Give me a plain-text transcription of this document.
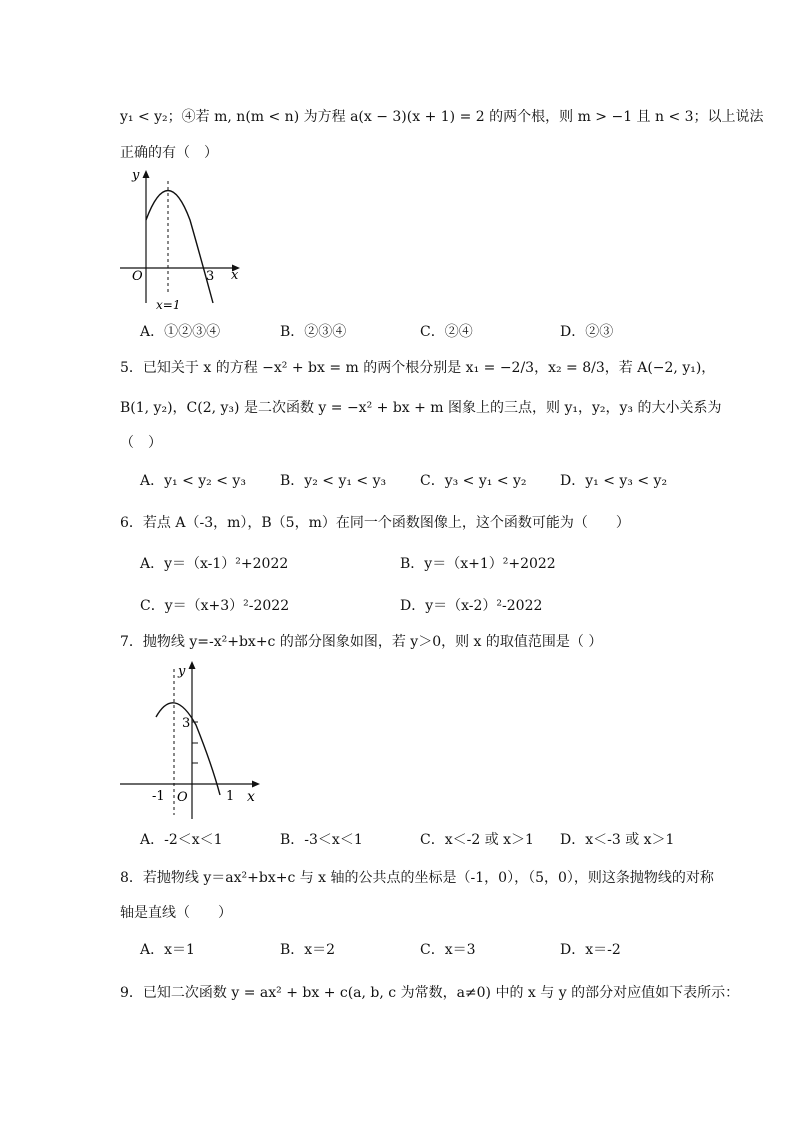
y₁ < y₂；④若 m, n(m < n) 为方程 a(x − 3)(x + 1) = 2 的两个根，则 m > −1 且 n < 3；以上说法
正确的有（　）
y
x
O	3
x=1
A．①②③④	B．②③④	C．②④	D．②③
5．已知关于 x 的方程 −x² + bx = m 的两个根分别是 x₁ = −2/3，x₂ = 8/3，若 A(−2, y₁)，
B(1, y₂)，C(2, y₃) 是二次函数 y = −x² + bx + m 图象上的三点，则 y₁，y₂，y₃ 的大小关系为
（　）
A．y₁ < y₂ < y₃	B．y₂ < y₁ < y₃	C．y₃ < y₁ < y₂	D．y₁ < y₃ < y₂
6．若点 A（-3，m），B（5，m）在同一个函数图像上，这个函数可能为（　　）
A．y＝（x-1）²+2022	B．y＝（x+1）²+2022
C．y＝（x+3）²-2022	D．y＝（x-2）²-2022
7．抛物线 y=-x²+bx+c 的部分图象如图，若 y＞0，则 x 的取值范围是（ ）
y
x
O
3
-1	1
A．-2＜x＜1	B．-3＜x＜1	C．x＜-2 或 x＞1	D．x＜-3 或 x＞1
8．若抛物线 y＝ax²+bx+c 与 x 轴的公共点的坐标是（-1，0），（5，0），则这条抛物线的对称
轴是直线（　　）
A．x＝1	B．x＝2	C．x＝3	D．x＝-2
9．已知二次函数 y = ax² + bx + c(a, b, c 为常数，a≠0) 中的 x 与 y 的部分对应值如下表所示：
